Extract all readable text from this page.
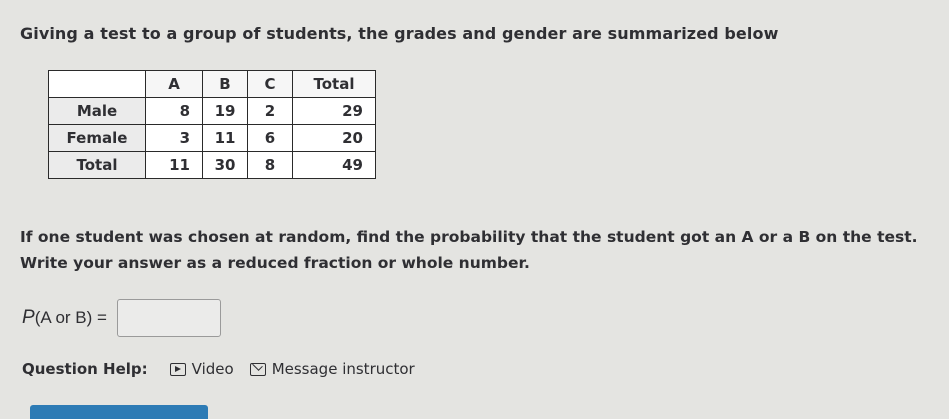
Giving a test to a group of students, the grades and gender are summarized below
	A	B	C	Total
Male	8	19	2	29
Female	3	11	6	20
Total	11	30	8	49
If one student was chosen at random, find the probability that the student got an A or a B on the test.
Write your answer as a reduced fraction or whole number.
P (A or B) =
Question Help:	Video	Message instructor
